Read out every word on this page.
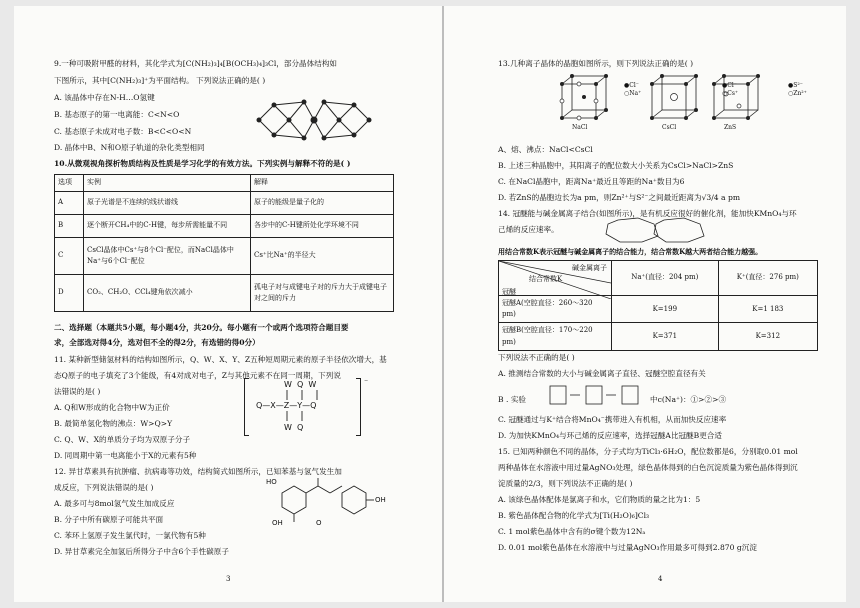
9.一种可吸附甲醛的材料，其化学式为[C(NH₂)₃]₄[B(OCH₃)₄]₃Cl，部分晶体结构如
下图所示，其中[C(NH₂)₃]⁺为平面结构。 下列说法正确的是( )
A. 该晶体中存在N-H…O氢键
B. 基态原子的第一电离能：C<N<O
C. 基态原子未成对电子数：B<C<O<N
D. 晶体中B、N和O原子轨道的杂化类型相同
10.从微观视角探析物质结构及性质是学习化学的有效方法。下列实例与解释不符的是( )
选项	实例	解释
A	原子光谱是不连续的线状谱线	原子的能级是量子化的
B	逐个断开CH₄中的C-H键，每步所需能量不同	各步中的C-H键所处化学环境不同
C	CsCl晶体中Cs⁺与8个Cl⁻配位，而NaCl晶体中Na⁺与6个Cl⁻配位	Cs⁺比Na⁺的半径大
D	CO₂、CH₂O、CCl₄键角依次减小	孤电子对与成键电子对的斥力大于成键电子对之间的斥力
二、选择题（本题共5小题，每小题4分，共20分。每小题有一个或两个选项符合题目要
求，全部选对得4分，选对但不全的得2分，有选错的得0分）
11. 某种新型储氢材料的结构如图所示，Q、W、X、Y、Z五种短周期元素的原子半径依次增大，基
态Q原子的电子填充了3个能级，有4对成对电子，Z与其他元素不在同一周期，下列说
法错误的是( )
A. Q和W形成的化合物中W为正价
B. 最简单氢化物的沸点：W>Q>Y
C. Q、W、X的单质分子均为双原子分子
D. 同周期中第一电离能小于X的元素有5种
W  Q  W
Q—X—Z—Y—Q
W  Q
⁻
12. 异甘草素具有抗肿瘤、抗病毒等功效，结构简式如图所示，已知苯基与氢气发生加
成反应，下列说法错误的是( )
A. 最多可与8mol氢气发生加成反应
B. 分子中所有碳原子可能共平面
C. 苯环上氢原子发生氯代时，一氯代物有5种
D. 异甘草素完全加氢后所得分子中含6个手性碳原子
HO
OH
OH
O
3
13.几种离子晶体的晶胞如图所示，则下列说法正确的是( )
●Cl⁻
○Na⁺
●Cl⁻
○Cs⁺
●S²⁻
○Zn²⁺
NaCl	CsCl	ZnS
A、熔、沸点：NaCl<CsCl
B. 上述三种晶胞中，其阳离子的配位数大小关系为CsCl>NaCl>ZnS
C. 在NaCl晶胞中，距离Na⁺最近且等距的Na⁺数目为6
D. 若ZnS的晶胞边长为a pm，则Zn²⁺与S²⁻之间最近距离为√3/4 a pm
14. 冠醚能与碱金属离子结合(如图所示)，是有机反应很好的催化剂，能加快KMnO₄与环
己烯的反应速率。
用结合常数K表示冠醚与碱金属离子的结合能力，结合常数K越大两者结合能力越强。
碱金属离子
结合常数K
冠醚	Na⁺(直径：204 pm)	K⁺(直径：276 pm)
冠醚A(空腔直径：260～320 pm)	K=199	K=1 183
冠醚B(空腔直径：170～220 pm)	K=371	K=312
下列说法不正确的是( )
A. 推测结合常数的大小与碱金属离子直径、冠醚空腔直径有关
B . 实验	中c(Na⁺)：①>②>③
C. 冠醚通过与K⁺结合将MnO₄⁻携带进入有机相，从而加快反应速率
D. 为加快KMnO₄与环己烯的反应速率，选择冠醚A比冠醚B更合适
15. 已知两种颜色不同的晶体，分子式均为TiCl₃·6H₂O，配位数都是6，分别取0.01 mol
两种晶体在水溶液中用过量AgNO₃处理，绿色晶体得到的白色沉淀质量为紫色晶体得到沉
淀质量的2/3，则下列说法不正确的是( )
A. 该绿色晶体配体是氯离子和水，它们物质的量之比为1：5
B. 紫色晶体配合物的化学式为[Ti(H₂O)₆]Cl₃
C. 1 mol紫色晶体中含有的σ键个数为12Nₐ
D. 0.01 mol紫色晶体在水溶液中与过量AgNO₃作用最多可得到2.870 g沉淀
4
